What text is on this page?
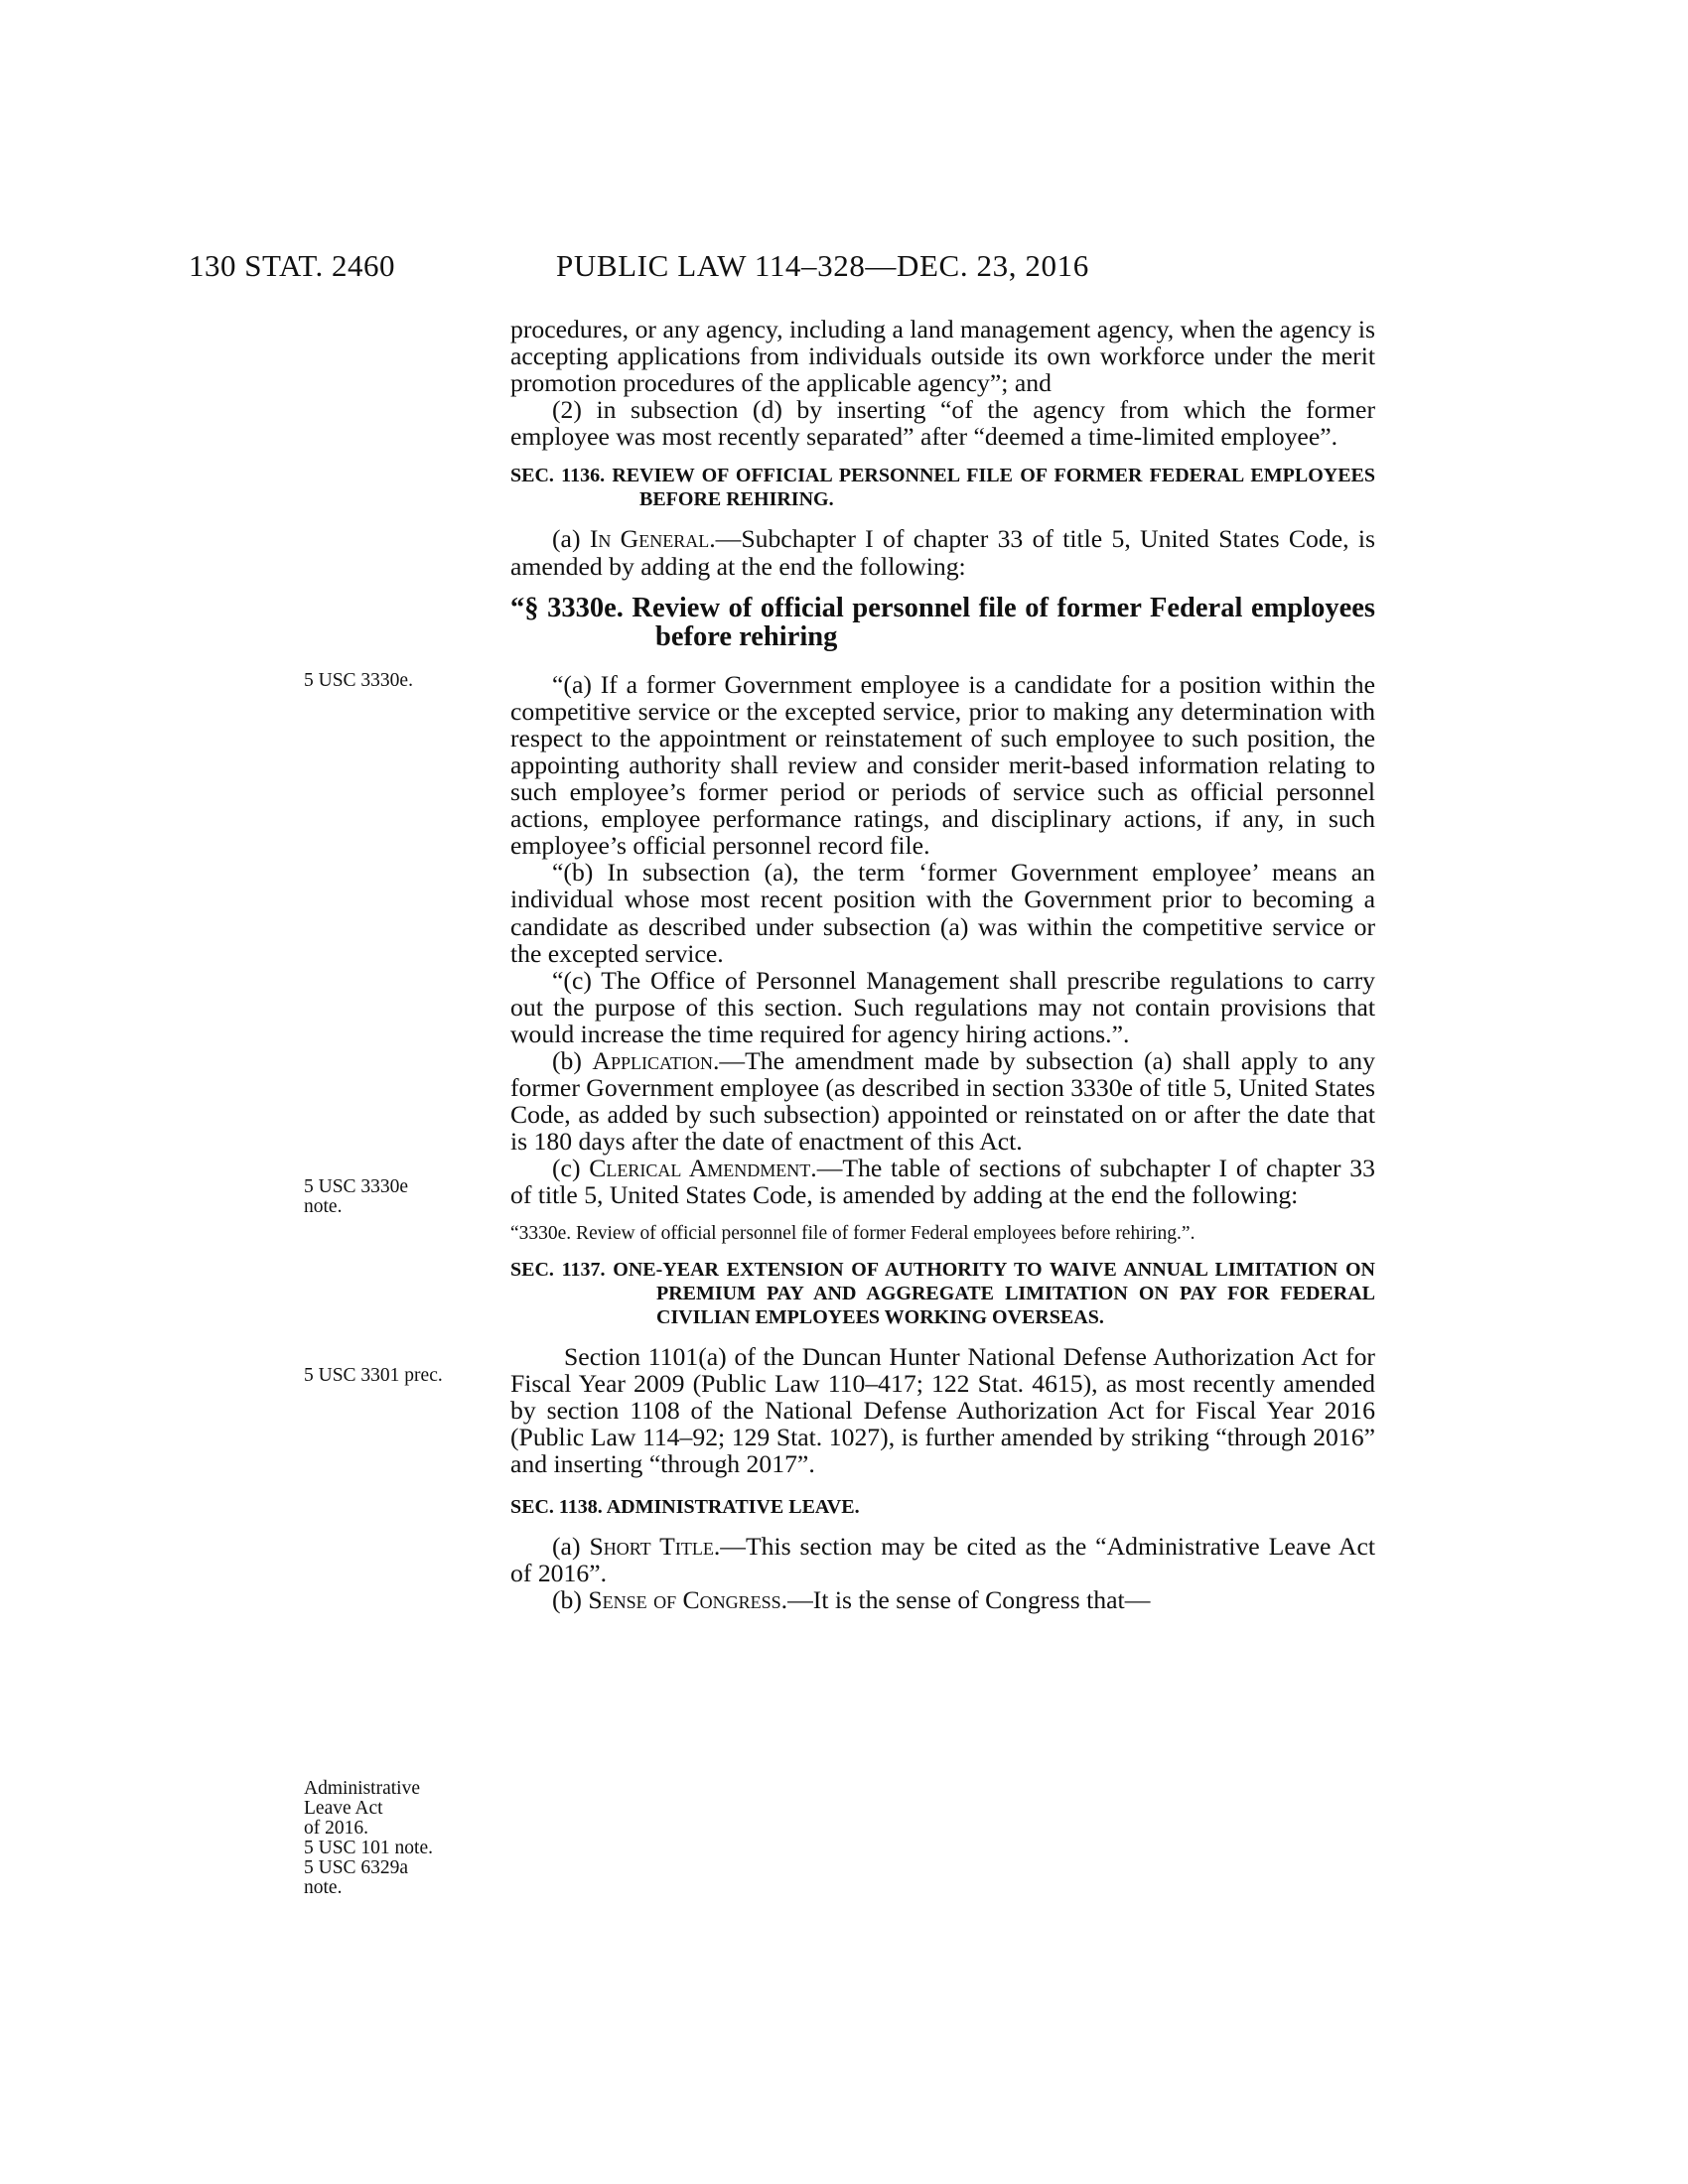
130 STAT. 2460	PUBLIC LAW 114–328—DEC. 23, 2016
5 USC 3330e.
5 USC 3330e
note.
5 USC 3301 prec.
Administrative
Leave Act
of 2016.
5 USC 101 note.
5 USC 6329a
note.

procedures, or any agency, including a land management agency, when the agency is accepting applications from individuals outside its own workforce under the merit promotion procedures of the applicable agency”; and

(2) in subsection (d) by inserting “of the agency from which the former employee was most recently separated” after “deemed a time-limited employee”.

SEC. 1136. REVIEW OF OFFICIAL PERSONNEL FILE OF FORMER FEDERAL EMPLOYEES BEFORE REHIRING.

(a) In General.—Subchapter I of chapter 33 of title 5, United States Code, is amended by adding at the end the following:

“§ 3330e. Review of official personnel file of former Federal employees before rehiring

“(a) If a former Government employee is a candidate for a position within the competitive service or the excepted service, prior to making any determination with respect to the appointment or reinstatement of such employee to such position, the appointing authority shall review and consider merit-based information relating to such employee’s former period or periods of service such as official personnel actions, employee performance ratings, and disciplinary actions, if any, in such employee’s official personnel record file.

“(b) In subsection (a), the term ‘former Government employee’ means an individual whose most recent position with the Government prior to becoming a candidate as described under subsection (a) was within the competitive service or the excepted service.

“(c) The Office of Personnel Management shall prescribe regulations to carry out the purpose of this section. Such regulations may not contain provisions that would increase the time required for agency hiring actions.”.

(b) Application.—The amendment made by subsection (a) shall apply to any former Government employee (as described in section 3330e of title 5, United States Code, as added by such subsection) appointed or reinstated on or after the date that is 180 days after the date of enactment of this Act.

(c) Clerical Amendment.—The table of sections of subchapter I of chapter 33 of title 5, United States Code, is amended by adding at the end the following:

“3330e. Review of official personnel file of former Federal employees before rehiring.”.

SEC. 1137. ONE-YEAR EXTENSION OF AUTHORITY TO WAIVE ANNUAL LIMITATION ON PREMIUM PAY AND AGGREGATE LIMITATION ON PAY FOR FEDERAL CIVILIAN EMPLOYEES WORKING OVERSEAS.

Section 1101(a) of the Duncan Hunter National Defense Authorization Act for Fiscal Year 2009 (Public Law 110–417; 122 Stat. 4615), as most recently amended by section 1108 of the National Defense Authorization Act for Fiscal Year 2016 (Public Law 114–92; 129 Stat. 1027), is further amended by striking “through 2016” and inserting “through 2017”.

SEC. 1138. ADMINISTRATIVE LEAVE.

(a) Short Title.—This section may be cited as the “Administrative Leave Act of 2016”.

(b) Sense of Congress.—It is the sense of Congress that—
